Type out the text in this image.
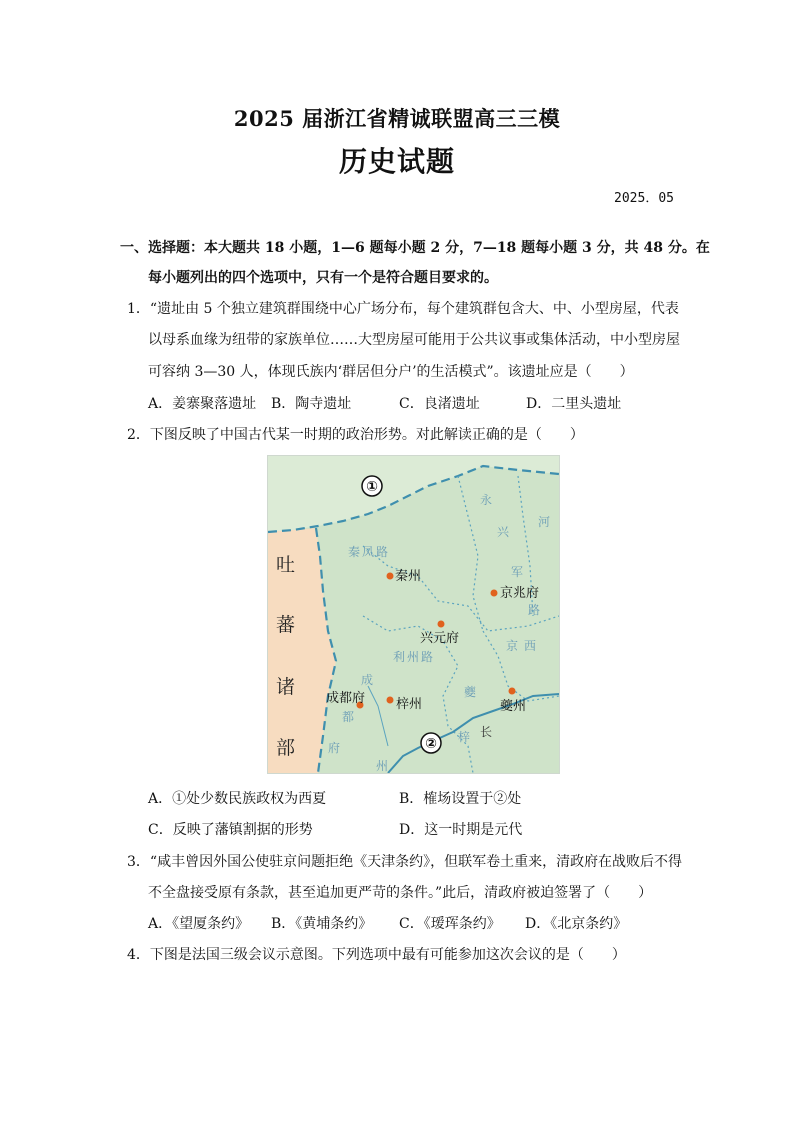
2025 届浙江省精诚联盟高三三模
历史试题
2025．05
一、选择题：本大题共 18 小题，1—6 题每小题 2 分，7—18 题每小题 3 分，共 48 分。在
每小题列出的四个选项中，只有一个是符合题目要求的。
1．“遗址由 5 个独立建筑群围绕中心广场分布，每个建筑群包含大、中、小型房屋，代表
以母系血缘为纽带的家族单位……大型房屋可能用于公共议事或集体活动，中小型房屋
可容纳 3—30 人，体现氏族内‘群居但分户’的生活模式”。该遗址应是（　　）
A．姜寨聚落遗址 B．陶寺遗址	C．良渚遗址	D．二里头遗址
2．下图反映了中国古代某一时期的政治形势。对此解读正确的是（　　）
①
②
吐
蕃
诸
部
秦凤路
利州路
永
兴
军
路
京西
成
都
府
州
夔
梓
河
长
秦州
京兆府
兴元府
成都府 梓州	夔州
A．①处少数民族政权为西夏	B．榷场设置于②处
C．反映了藩镇割据的形势	D．这一时期是元代
3．“咸丰曾因外国公使驻京问题拒绝《天津条约》，但联军卷土重来，清政府在战败后不得
不全盘接受原有条款，甚至追加更严苛的条件。”此后，清政府被迫签署了（　　）
A．《望厦条约》 B．《黄埔条约》 C．《瑷珲条约》 D．《北京条约》
4．下图是法国三级会议示意图。下列选项中最有可能参加这次会议的是（　　）
